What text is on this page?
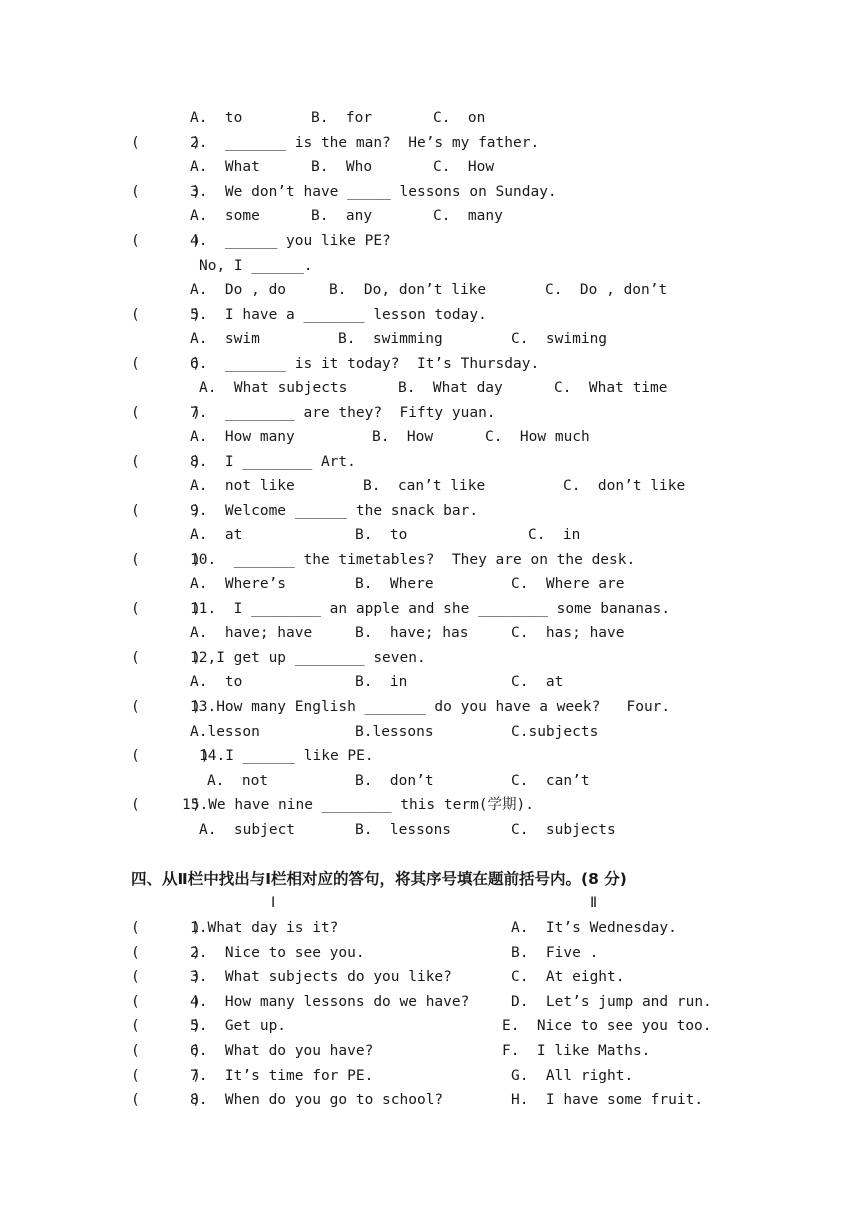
A.  to	B.  for	C.  on
(      )
2.  _______ is the man?  He’s my father.
A.  What	B.  Who	C.  How
(      )
3.  We don’t have _____ lessons on Sunday.
A.  some	B.  any	C.  many
(      )
4.  ______ you like PE?
No, I ______.
A.  Do , do	B.  Do, don’t like	C.  Do , don’t
(      )
5.  I have a _______ lesson today.
A.  swim	B.  swimming	C.  swiming
(      )
6.  _______ is it today?  It’s Thursday.
A.  What subjects	B.  What day	C.  What time
(      )
7.  ________ are they?  Fifty yuan.
A.  How many	B.  How	C.  How much
(      )
8.  I ________ Art.
A.  not like	B.  can’t like	C.  don’t like
(      )
9.  Welcome ______ the snack bar.
A.  at	B.  to	C.  in
(      )
10.  _______ the timetables?  They are on the desk.
A.  Where’s	B.  Where	C.  Where are
(      )
11.  I ________ an apple and she ________ some bananas.
A.  have; have	B.  have; has	C.  has; have
(      )
12,I get up ________ seven.
A.  to	B.  in	C.  at
(      )
13.How many English _______ do you have a week?   Four.
A.lesson	B.lessons	C.subjects
(       )
14.I ______ like PE.
A.  not	B.  don’t	C.  can’t
(      )
15.We have nine ________ this term(学期).
A.  subject	B.  lessons	C.  subjects
四、从Ⅱ栏中找出与Ⅰ栏相对应的答句，将其序号填在题前括号内。(8 分)
Ⅰ	Ⅱ
(      )
1.What day is it?	A.  It’s Wednesday.
(      )
2.  Nice to see you.	B.  Five .
(      )
3.  What subjects do you like?	C.  At eight.
(      )
4.  How many lessons do we have?	D.  Let’s jump and run.
(      )
5.  Get up.	E.  Nice to see you too.
(      )
6.  What do you have?	F.  I like Maths.
(      )
7.  It’s time for PE.	G.  All right.
(      )
8.  When do you go to school?	H.  I have some fruit.
